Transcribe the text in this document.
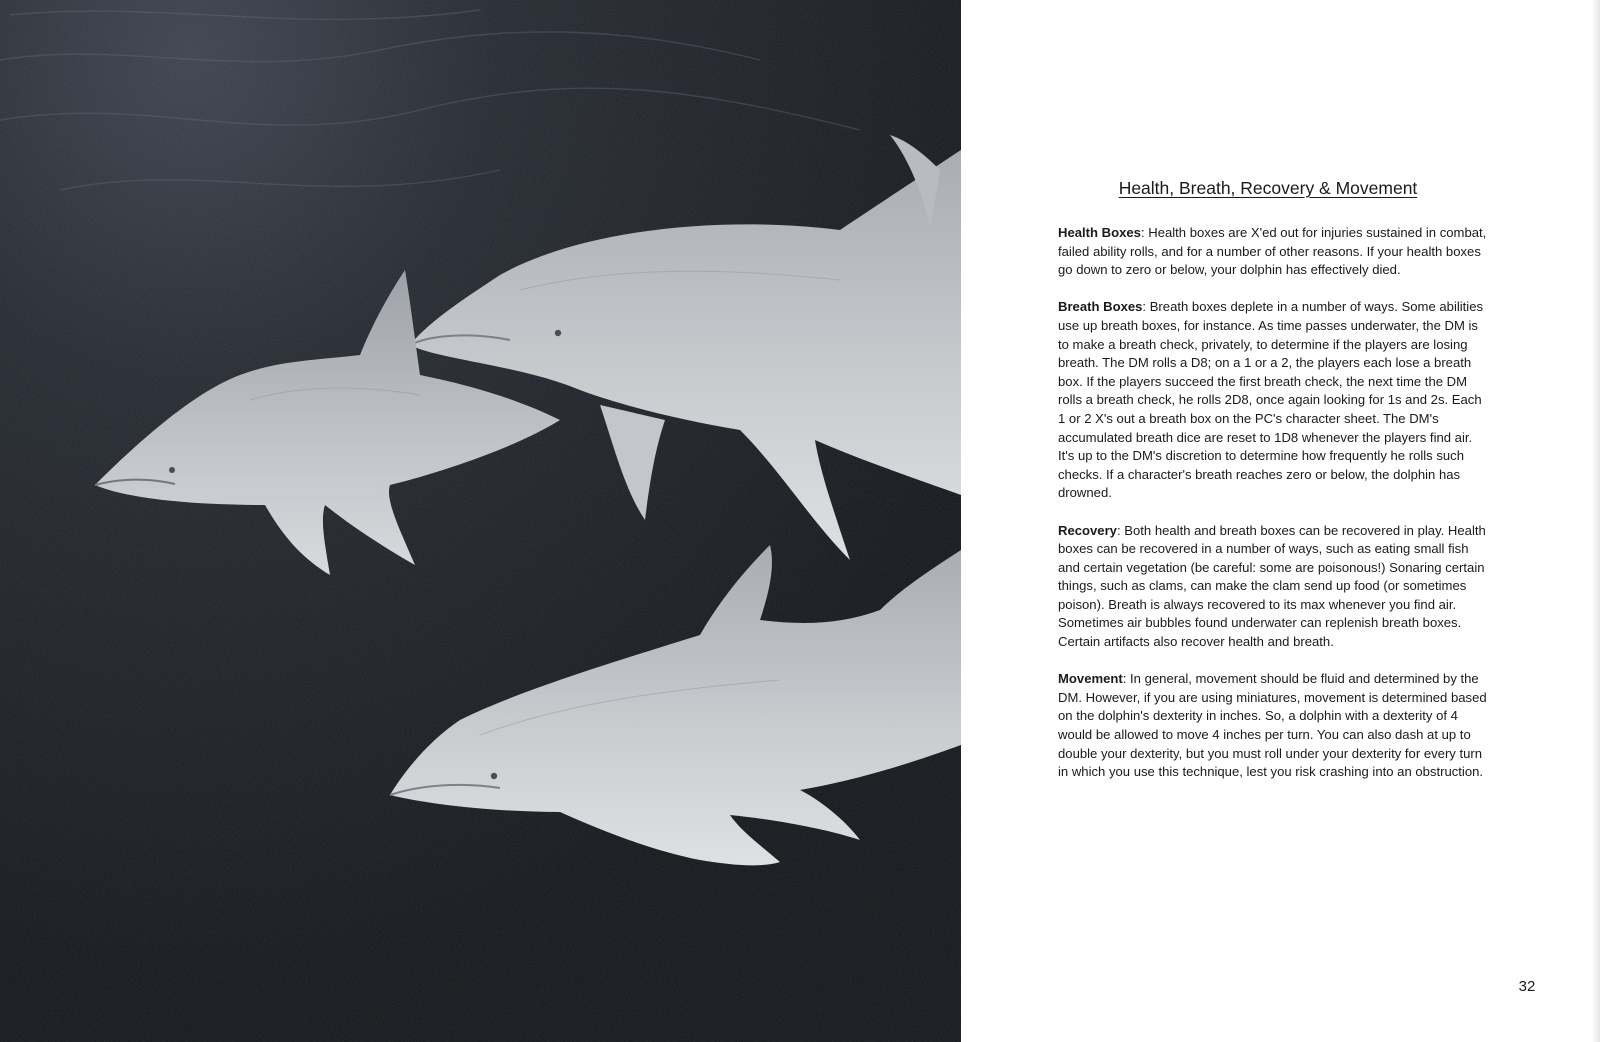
Health, Breath, Recovery & Movement

Health Boxes: Health boxes are X'ed out for injuries sustained in combat, failed ability rolls, and for a number of other reasons. If your health boxes go down to zero or below, your dolphin has effectively died.

Breath Boxes: Breath boxes deplete in a number of ways. Some abilities use up breath boxes, for instance. As time passes underwater, the DM is to make a breath check, privately, to determine if the players are losing breath. The DM rolls a D8; on a 1 or a 2, the players each lose a breath box. If the players succeed the first breath check, the next time the DM rolls a breath check, he rolls 2D8, once again looking for 1s and 2s. Each 1 or 2 X's out a breath box on the PC's character sheet. The DM's accumulated breath dice are reset to 1D8 whenever the players find air. It's up to the DM's discretion to determine how frequently he rolls such checks. If a character's breath reaches zero or below, the dolphin has drowned.

Recovery: Both health and breath boxes can be recovered in play. Health boxes can be recovered in a number of ways, such as eating small fish and certain vegetation (be careful: some are poisonous!) Sonaring certain things, such as clams, can make the clam send up food (or sometimes poison). Breath is always recovered to its max whenever you find air. Sometimes air bubbles found underwater can replenish breath boxes. Certain artifacts also recover health and breath.

Movement: In general, movement should be fluid and determined by the DM. However, if you are using miniatures, movement is determined based on the dolphin's dexterity in inches. So, a dolphin with a dexterity of 4 would be allowed to move 4 inches per turn. You can also dash at up to double your dexterity, but you must roll under your dexterity for every turn in which you use this technique, lest you risk crashing into an obstruction.

32
